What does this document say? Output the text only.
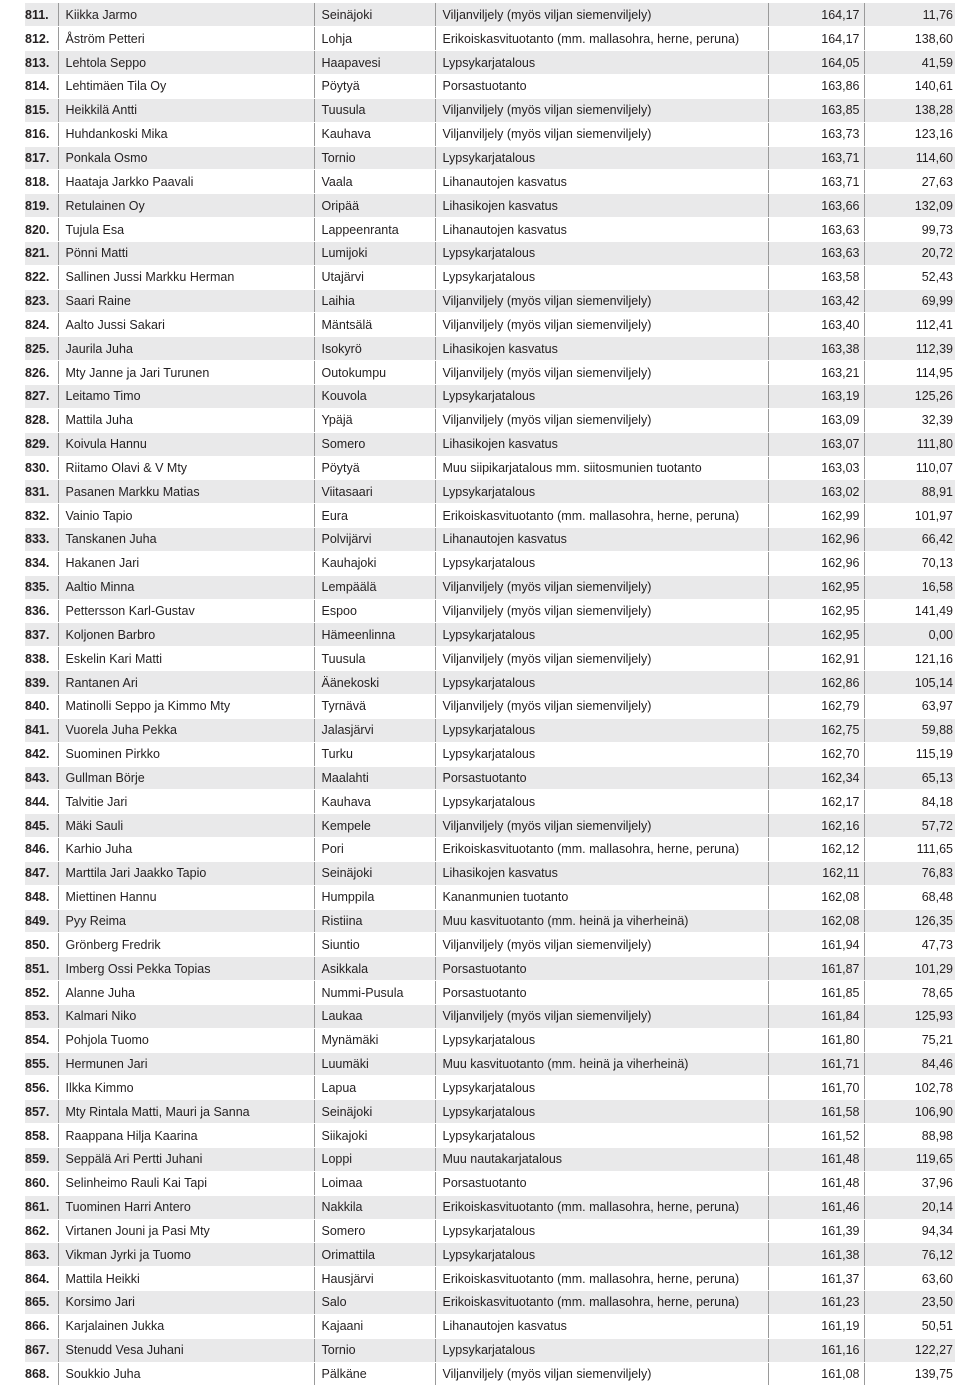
811.	Kiikka Jarmo	Seinäjoki	Viljanviljely (myös viljan siemenviljely)	164,17	11,76
812.	Åström Petteri	Lohja	Erikoiskasvituotanto (mm. mallasohra, herne, peruna)	164,17	138,60
813.	Lehtola Seppo	Haapavesi	Lypsykarjatalous	164,05	41,59
814.	Lehtimäen Tila Oy	Pöytyä	Porsastuotanto	163,86	140,61
815.	Heikkilä Antti	Tuusula	Viljanviljely (myös viljan siemenviljely)	163,85	138,28
816.	Huhdankoski Mika	Kauhava	Viljanviljely (myös viljan siemenviljely)	163,73	123,16
817.	Ponkala Osmo	Tornio	Lypsykarjatalous	163,71	114,60
818.	Haataja Jarkko Paavali	Vaala	Lihanautojen kasvatus	163,71	27,63
819.	Retulainen Oy	Oripää	Lihasikojen kasvatus	163,66	132,09
820.	Tujula Esa	Lappeenranta	Lihanautojen kasvatus	163,63	99,73
821.	Pönni Matti	Lumijoki	Lypsykarjatalous	163,63	20,72
822.	Sallinen Jussi Markku Herman	Utajärvi	Lypsykarjatalous	163,58	52,43
823.	Saari Raine	Laihia	Viljanviljely (myös viljan siemenviljely)	163,42	69,99
824.	Aalto Jussi Sakari	Mäntsälä	Viljanviljely (myös viljan siemenviljely)	163,40	112,41
825.	Jaurila Juha	Isokyrö	Lihasikojen kasvatus	163,38	112,39
826.	Mty Janne ja Jari Turunen	Outokumpu	Viljanviljely (myös viljan siemenviljely)	163,21	114,95
827.	Leitamo Timo	Kouvola	Lypsykarjatalous	163,19	125,26
828.	Mattila Juha	Ypäjä	Viljanviljely (myös viljan siemenviljely)	163,09	32,39
829.	Koivula Hannu	Somero	Lihasikojen kasvatus	163,07	111,80
830.	Riitamo Olavi & V Mty	Pöytyä	Muu siipikarjatalous mm. siitosmunien tuotanto	163,03	110,07
831.	Pasanen Markku Matias	Viitasaari	Lypsykarjatalous	163,02	88,91
832.	Vainio Tapio	Eura	Erikoiskasvituotanto (mm. mallasohra, herne, peruna)	162,99	101,97
833.	Tanskanen Juha	Polvijärvi	Lihanautojen kasvatus	162,96	66,42
834.	Hakanen Jari	Kauhajoki	Lypsykarjatalous	162,96	70,13
835.	Aaltio Minna	Lempäälä	Viljanviljely (myös viljan siemenviljely)	162,95	16,58
836.	Pettersson Karl-Gustav	Espoo	Viljanviljely (myös viljan siemenviljely)	162,95	141,49
837.	Koljonen Barbro	Hämeenlinna	Lypsykarjatalous	162,95	0,00
838.	Eskelin Kari Matti	Tuusula	Viljanviljely (myös viljan siemenviljely)	162,91	121,16
839.	Rantanen Ari	Äänekoski	Lypsykarjatalous	162,86	105,14
840.	Matinolli Seppo ja Kimmo Mty	Tyrnävä	Viljanviljely (myös viljan siemenviljely)	162,79	63,97
841.	Vuorela Juha Pekka	Jalasjärvi	Lypsykarjatalous	162,75	59,88
842.	Suominen Pirkko	Turku	Lypsykarjatalous	162,70	115,19
843.	Gullman Börje	Maalahti	Porsastuotanto	162,34	65,13
844.	Talvitie Jari	Kauhava	Lypsykarjatalous	162,17	84,18
845.	Mäki Sauli	Kempele	Viljanviljely (myös viljan siemenviljely)	162,16	57,72
846.	Karhio Juha	Pori	Erikoiskasvituotanto (mm. mallasohra, herne, peruna)	162,12	111,65
847.	Marttila Jari Jaakko Tapio	Seinäjoki	Lihasikojen kasvatus	162,11	76,83
848.	Miettinen Hannu	Humppila	Kananmunien tuotanto	162,08	68,48
849.	Pyy Reima	Ristiina	Muu kasvituotanto (mm. heinä ja viherheinä)	162,08	126,35
850.	Grönberg Fredrik	Siuntio	Viljanviljely (myös viljan siemenviljely)	161,94	47,73
851.	Imberg Ossi Pekka Topias	Asikkala	Porsastuotanto	161,87	101,29
852.	Alanne Juha	Nummi-Pusula	Porsastuotanto	161,85	78,65
853.	Kalmari Niko	Laukaa	Viljanviljely (myös viljan siemenviljely)	161,84	125,93
854.	Pohjola Tuomo	Mynämäki	Lypsykarjatalous	161,80	75,21
855.	Hermunen Jari	Luumäki	Muu kasvituotanto (mm. heinä ja viherheinä)	161,71	84,46
856.	Ilkka Kimmo	Lapua	Lypsykarjatalous	161,70	102,78
857.	Mty Rintala Matti, Mauri ja Sanna	Seinäjoki	Lypsykarjatalous	161,58	106,90
858.	Raappana Hilja Kaarina	Siikajoki	Lypsykarjatalous	161,52	88,98
859.	Seppälä Ari Pertti Juhani	Loppi	Muu nautakarjatalous	161,48	119,65
860.	Selinheimo Rauli Kai Tapi	Loimaa	Porsastuotanto	161,48	37,96
861.	Tuominen Harri Antero	Nakkila	Erikoiskasvituotanto (mm. mallasohra, herne, peruna)	161,46	20,14
862.	Virtanen Jouni ja Pasi Mty	Somero	Lypsykarjatalous	161,39	94,34
863.	Vikman Jyrki ja Tuomo	Orimattila	Lypsykarjatalous	161,38	76,12
864.	Mattila Heikki	Hausjärvi	Erikoiskasvituotanto (mm. mallasohra, herne, peruna)	161,37	63,60
865.	Korsimo Jari	Salo	Erikoiskasvituotanto (mm. mallasohra, herne, peruna)	161,23	23,50
866.	Karjalainen Jukka	Kajaani	Lihanautojen kasvatus	161,19	50,51
867.	Stenudd Vesa Juhani	Tornio	Lypsykarjatalous	161,16	122,27
868.	Soukkio Juha	Pälkäne	Viljanviljely (myös viljan siemenviljely)	161,08	139,75
